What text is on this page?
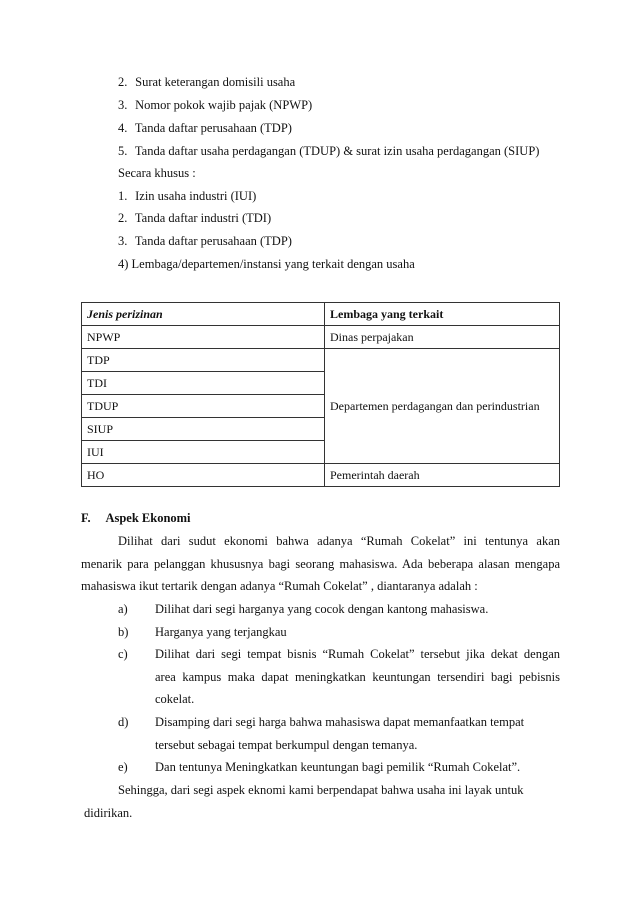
2. Surat keterangan domisili usaha
3. Nomor pokok wajib pajak (NPWP)
4. Tanda daftar perusahaan (TDP)
5. Tanda daftar usaha perdagangan (TDUP) & surat izin usaha perdagangan (SIUP)
Secara khusus :
1. Izin usaha industri (IUI)
2. Tanda daftar industri (TDI)
3. Tanda daftar perusahaan (TDP)
4) Lembaga/departemen/instansi yang terkait dengan usaha
Jenis perizinan	Lembaga yang terkait
NPWP	Dinas perpajakan
TDP	Departemen perdagangan dan perindustrian
TDI	
TDUP	
SIUP	
IUI	
HO	Pemerintah daerah
F. Aspek Ekonomi
Dilihat dari sudut ekonomi bahwa adanya “Rumah Cokelat” ini tentunya akan
menarik para pelanggan khususnya bagi seorang mahasiswa. Ada beberapa alasan mengapa
mahasiswa ikut tertarik dengan adanya “Rumah Cokelat” , diantaranya adalah :
a) Dilihat dari segi harganya yang cocok dengan kantong mahasiswa.
b) Harganya yang terjangkau
c) Dilihat dari segi tempat bisnis “Rumah Cokelat” tersebut jika dekat dengan
area kampus maka dapat meningkatkan keuntungan tersendiri bagi pebisnis
cokelat.
d) Disamping dari segi harga bahwa mahasiswa dapat memanfaatkan tempat
tersebut sebagai tempat berkumpul dengan temanya.
e) Dan tentunya Meningkatkan keuntungan bagi pemilik “Rumah Cokelat”.
Sehingga, dari segi aspek eknomi kami berpendapat bahwa usaha ini layak untuk
didirikan.
